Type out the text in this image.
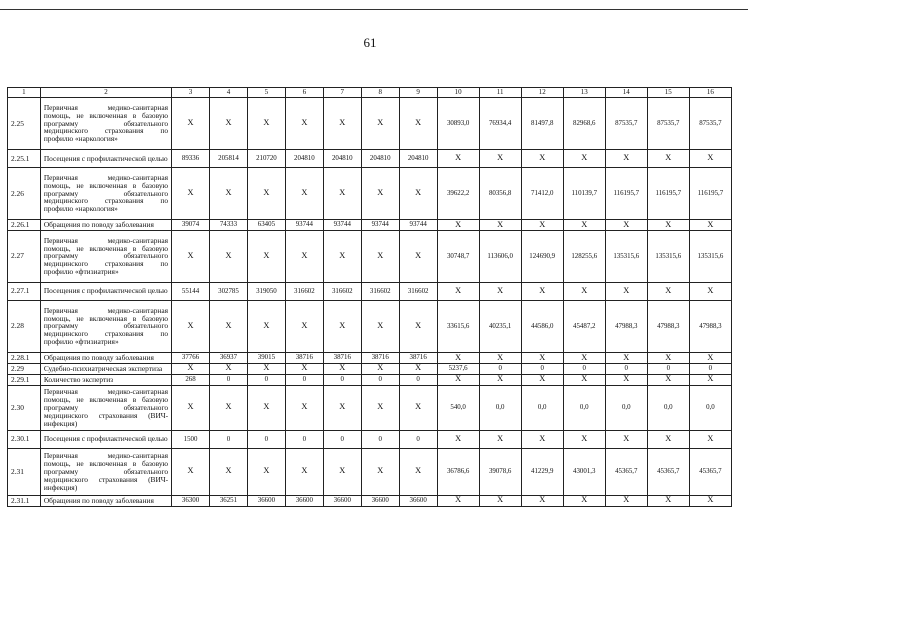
61
1	2	3	4	5	6	7	8	9	10	11	12	13	14	15	16
2.25	Первичная медико-санитарная помощь, не включенная в базовую программу обязательного медицинского страхования по профилю «наркология»	Х	Х	Х	Х	Х	Х	Х	30893,0	76934,4	81497,8	82968,6	87535,7	87535,7	87535,7
2.25.1	Посещения с профилактической целью	89336	205814	210720	204810	204810	204810	204810	Х	Х	Х	Х	Х	Х	Х
2.26	Первичная медико-санитарная помощь, не включенная в базовую программу обязательного медицинского страхования по профилю «наркология»	Х	Х	Х	Х	Х	Х	Х	39622,2	80356,8	71412,0	110139,7	116195,7	116195,7	116195,7
2.26.1	Обращения по поводу заболевания	39074	74333	63405	93744	93744	93744	93744	Х	Х	Х	Х	Х	Х	Х
2.27	Первичная медико-санитарная помощь, не включенная в базовую программу обязательного медицинского страхования по профилю «фтизиатрия»	Х	Х	Х	Х	Х	Х	Х	30748,7	113606,0	124690,9	128255,6	135315,6	135315,6	135315,6
2.27.1	Посещения с профилактической целью	55144	302785	319050	316602	316602	316602	316602	Х	Х	Х	Х	Х	Х	Х
2.28	Первичная медико-санитарная помощь, не включенная в базовую программу обязательного медицинского страхования по профилю «фтизиатрия»	Х	Х	Х	Х	Х	Х	Х	33615,6	40235,1	44586,0	45487,2	47988,3	47988,3	47988,3
2.28.1	Обращения по поводу заболевания	37766	36937	39015	38716	38716	38716	38716	Х	Х	Х	Х	Х	Х	Х
2.29	Судебно-психиатрическая экспертиза	Х	Х	Х	Х	Х	Х	Х	5237,6	0	0	0	0	0	0
2.29.1	Количество экспертиз	268	0	0	0	0	0	0	Х	Х	Х	Х	Х	Х	Х
2.30	Первичная медико-санитарная помощь, не включенная в базовую программу обязательного медицинского страхования (ВИЧ-инфекция)	Х	Х	Х	Х	Х	Х	Х	540,0	0,0	0,0	0,0	0,0	0,0	0,0
2.30.1	Посещения с профилактической целью	1500	0	0	0	0	0	0	Х	Х	Х	Х	Х	Х	Х
2.31	Первичная медико-санитарная помощь, не включенная в базовую программу обязательного медицинского страхования (ВИЧ-инфекция)	Х	Х	Х	Х	Х	Х	Х	36786,6	39078,6	41229,9	43001,3	45365,7	45365,7	45365,7
2.31.1	Обращения по поводу заболевания	36300	36251	36600	36600	36600	36600	36600	Х	Х	Х	Х	Х	Х	Х
